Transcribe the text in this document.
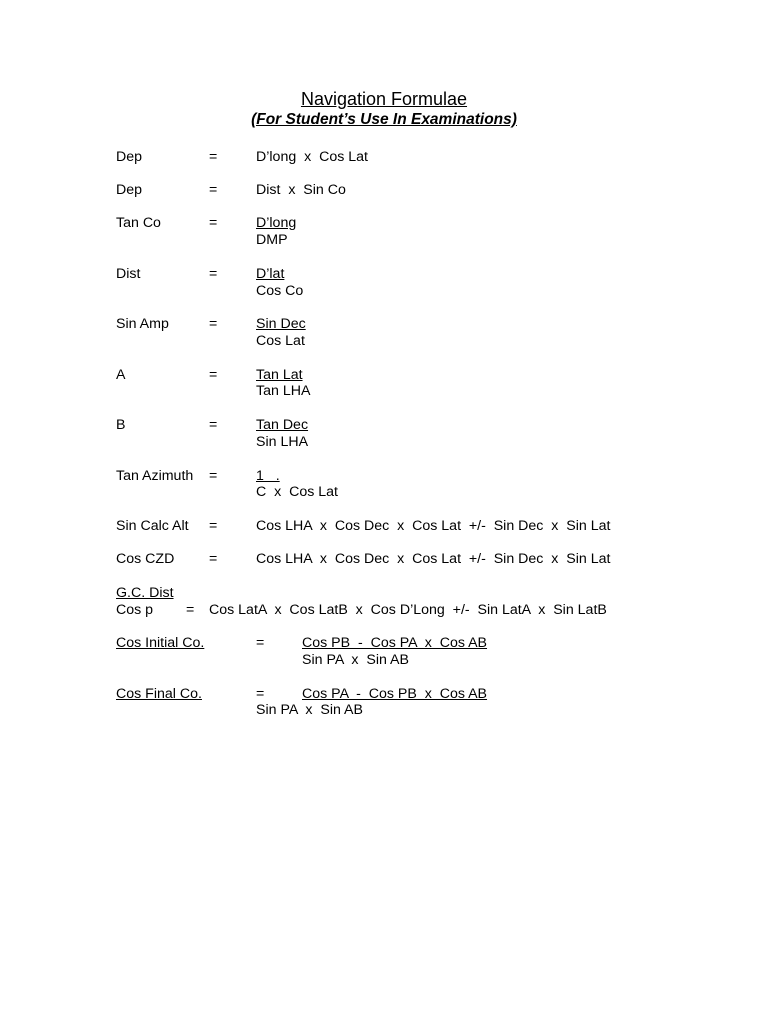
Navigation Formulae
(For Student’s Use In Examinations)
Dep	=	D’long  x  Cos Lat
Dep	=	Dist  x  Sin Co
Tan Co	=	D’long
DMP
Dist	=	D’lat
Cos Co
Sin Amp	=	Sin Dec
Cos Lat
A	=	Tan Lat
Tan LHA
B	=	Tan Dec
Sin LHA
Tan Azimuth =	1   .
C  x  Cos Lat
Sin Calc Alt =	Cos LHA  x  Cos Dec  x  Cos Lat  +/-  Sin Dec  x  Sin Lat
Cos CZD =	Cos LHA  x  Cos Dec  x  Cos Lat  +/-  Sin Dec  x  Sin Lat
G.C. Dist
Cos p = Cos LatA  x  Cos LatB  x  Cos D’Long  +/-  Sin LatA  x  Sin LatB
Cos Initial Co.	=	Cos PB  -  Cos PA  x  Cos AB
Sin PA  x  Sin AB
Cos Final Co.	=	Cos PA  -  Cos PB  x  Cos AB
Sin PA  x  Sin AB
